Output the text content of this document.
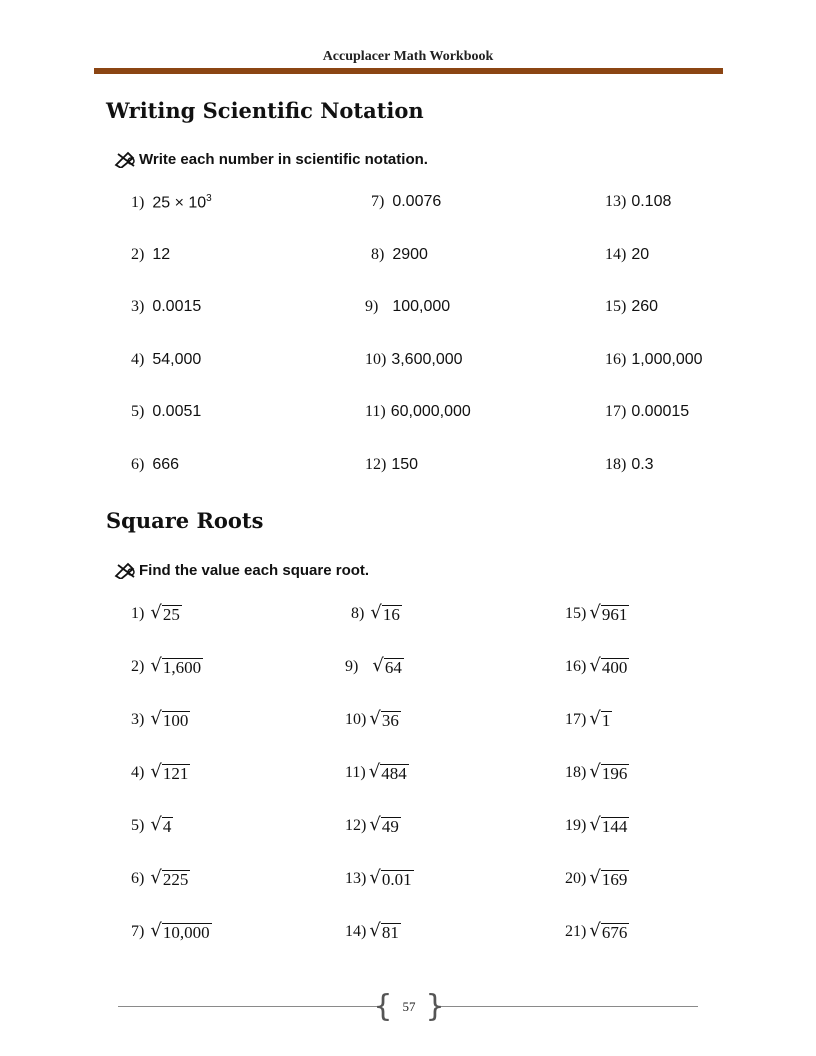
Accuplacer Math Workbook
Writing Scientific Notation
Write each number in scientific notation.
1) $25 \times 10^3$
2) 12
3) 0.0015
4) 54,000
5) 0.0051
6) 666
7) 0.0076
8) 2900
9) 100,000
10) 3,600,000
11) 60,000,000
12) 150
13) 0.108
14) 20
15) 260
16) 1,000,000
17) 0.00015
18) 0.3
Square Roots
Find the value each square root.
1) √ 25
2) √ 1,600
3) √ 100
4) √ 121
5) √ 4
6) √ 225
7) √ 10,000
8) √ 16
9) √ 64
10) √ 36
11) √ 484
12) √ 49
13) √ 0.01
14) √ 81
15) √ 961
16) √ 400
17) √ 1
18) √ 196
19) √ 144
20) √ 169
21) √ 676
{ 57 }
